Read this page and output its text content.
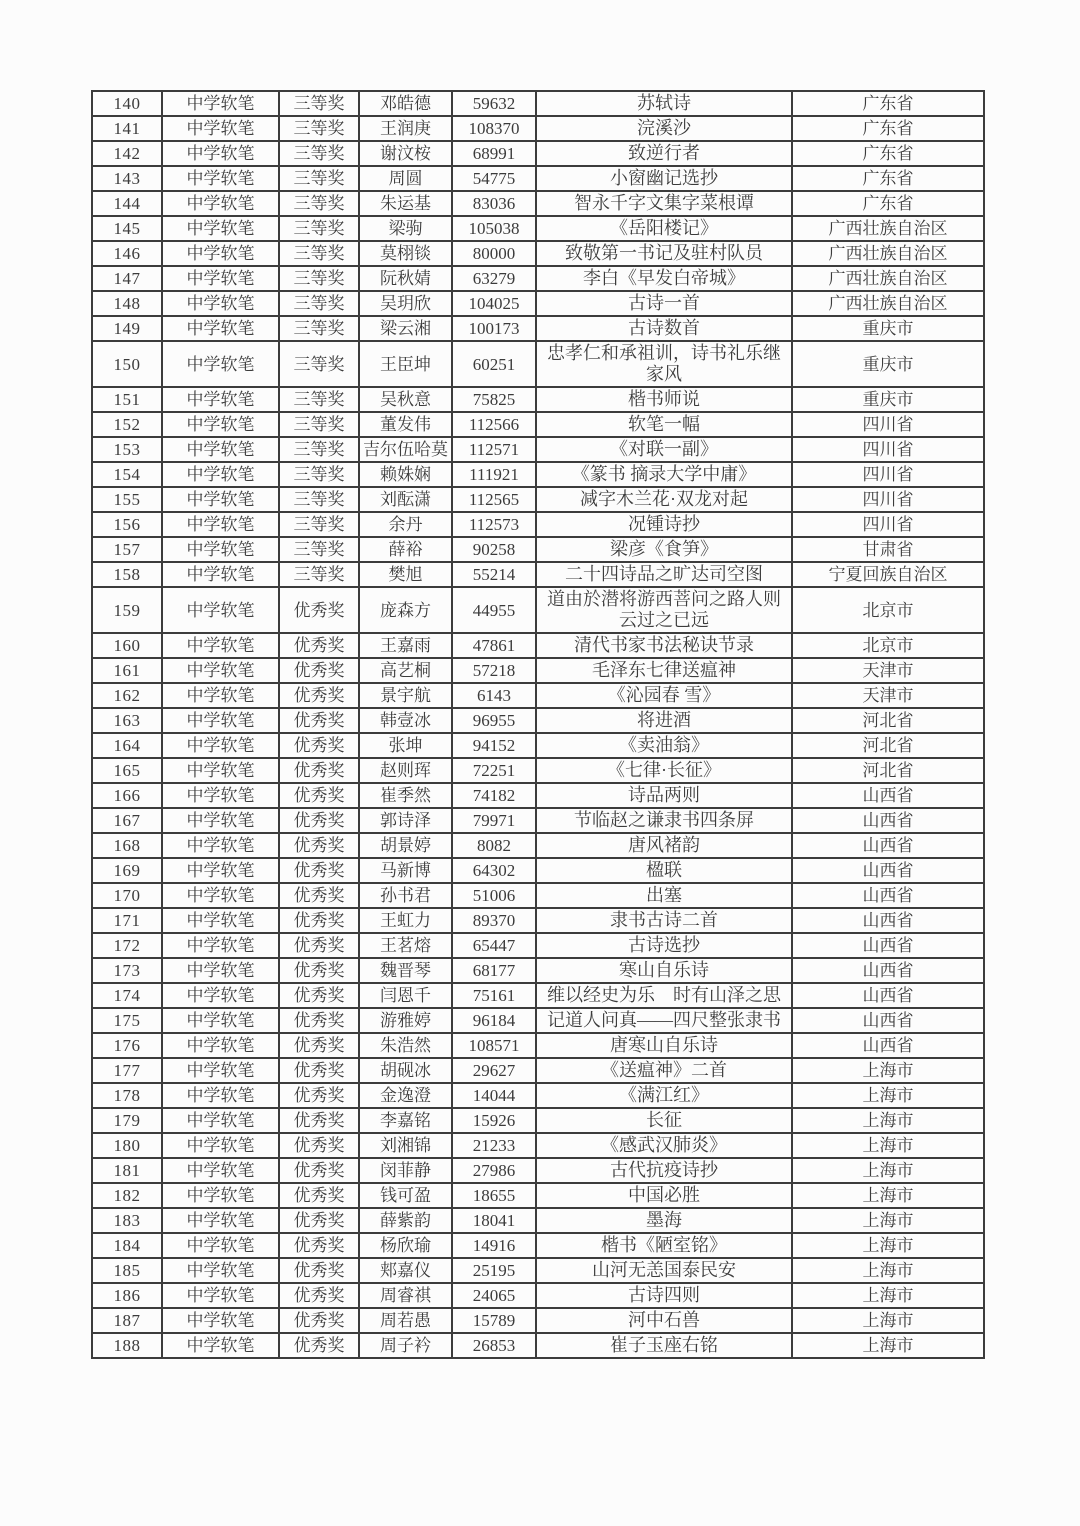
140	中学软笔	三等奖	邓皓德	59632	苏轼诗	广东省
141	中学软笔	三等奖	王润庚	108370	浣溪沙	广东省
142	中学软笔	三等奖	谢汶桉	68991	致逆行者	广东省
143	中学软笔	三等奖	周圆	54775	小窗幽记选抄	广东省
144	中学软笔	三等奖	朱运基	83036	智永千字文集字菜根谭	广东省
145	中学软笔	三等奖	梁驹	105038	《岳阳楼记》	广西壮族自治区
146	中学软笔	三等奖	莫栩锬	80000	致敬第一书记及驻村队员	广西壮族自治区
147	中学软笔	三等奖	阮秋婧	63279	李白《早发白帝城》	广西壮族自治区
148	中学软笔	三等奖	吴玥欣	104025	古诗一首	广西壮族自治区
149	中学软笔	三等奖	梁云湘	100173	古诗数首	重庆市
150	中学软笔	三等奖	王臣坤	60251	忠孝仁和承祖训，诗书礼乐继家风	重庆市
151	中学软笔	三等奖	吴秋意	75825	楷书师说	重庆市
152	中学软笔	三等奖	董发伟	112566	软笔一幅	四川省
153	中学软笔	三等奖	吉尔伍哈莫	112571	《对联一副》	四川省
154	中学软笔	三等奖	赖姝娴	111921	《篆书 摘录大学中庸》	四川省
155	中学软笔	三等奖	刘酝潇	112565	减字木兰花·双龙对起	四川省
156	中学软笔	三等奖	余丹	112573	况锺诗抄	四川省
157	中学软笔	三等奖	薛裕	90258	梁彦《食笋》	甘肃省
158	中学软笔	三等奖	樊旭	55214	二十四诗品之旷达司空图	宁夏回族自治区
159	中学软笔	优秀奖	庞森方	44955	道由於潜将游西菩问之路人则云过之已远	北京市
160	中学软笔	优秀奖	王嘉雨	47861	清代书家书法秘诀节录	北京市
161	中学软笔	优秀奖	高艺桐	57218	毛泽东七律送瘟神	天津市
162	中学软笔	优秀奖	景宇航	6143	《沁园春 雪》	天津市
163	中学软笔	优秀奖	韩壹冰	96955	将进酒	河北省
164	中学软笔	优秀奖	张坤	94152	《卖油翁》	河北省
165	中学软笔	优秀奖	赵则珲	72251	《七律·长征》	河北省
166	中学软笔	优秀奖	崔季然	74182	诗品两则	山西省
167	中学软笔	优秀奖	郭诗泽	79971	节临赵之谦隶书四条屏	山西省
168	中学软笔	优秀奖	胡景婷	8082	唐风褚韵	山西省
169	中学软笔	优秀奖	马新博	64302	楹联	山西省
170	中学软笔	优秀奖	孙书君	51006	出塞	山西省
171	中学软笔	优秀奖	王虹力	89370	隶书古诗二首	山西省
172	中学软笔	优秀奖	王茗熔	65447	古诗选抄	山西省
173	中学软笔	优秀奖	魏晋琴	68177	寒山自乐诗	山西省
174	中学软笔	优秀奖	闫恩千	75161	维以经史为乐　时有山泽之思	山西省
175	中学软笔	优秀奖	游雅婷	96184	记道人问真——四尺整张隶书	山西省
176	中学软笔	优秀奖	朱浩然	108571	唐寒山自乐诗	山西省
177	中学软笔	优秀奖	胡砚冰	29627	《送瘟神》二首	上海市
178	中学软笔	优秀奖	金逸澄	14044	《满江红》	上海市
179	中学软笔	优秀奖	李嘉铭	15926	长征	上海市
180	中学软笔	优秀奖	刘湘锦	21233	《感武汉肺炎》	上海市
181	中学软笔	优秀奖	闵菲静	27986	古代抗疫诗抄	上海市
182	中学软笔	优秀奖	钱可盈	18655	中国必胜	上海市
183	中学软笔	优秀奖	薛紫韵	18041	墨海	上海市
184	中学软笔	优秀奖	杨欣瑜	14916	楷书《陋室铭》	上海市
185	中学软笔	优秀奖	郏嘉仪	25195	山河无恙国泰民安	上海市
186	中学软笔	优秀奖	周睿祺	24065	古诗四则	上海市
187	中学软笔	优秀奖	周若愚	15789	河中石兽	上海市
188	中学软笔	优秀奖	周子衿	26853	崔子玉座右铭	上海市
